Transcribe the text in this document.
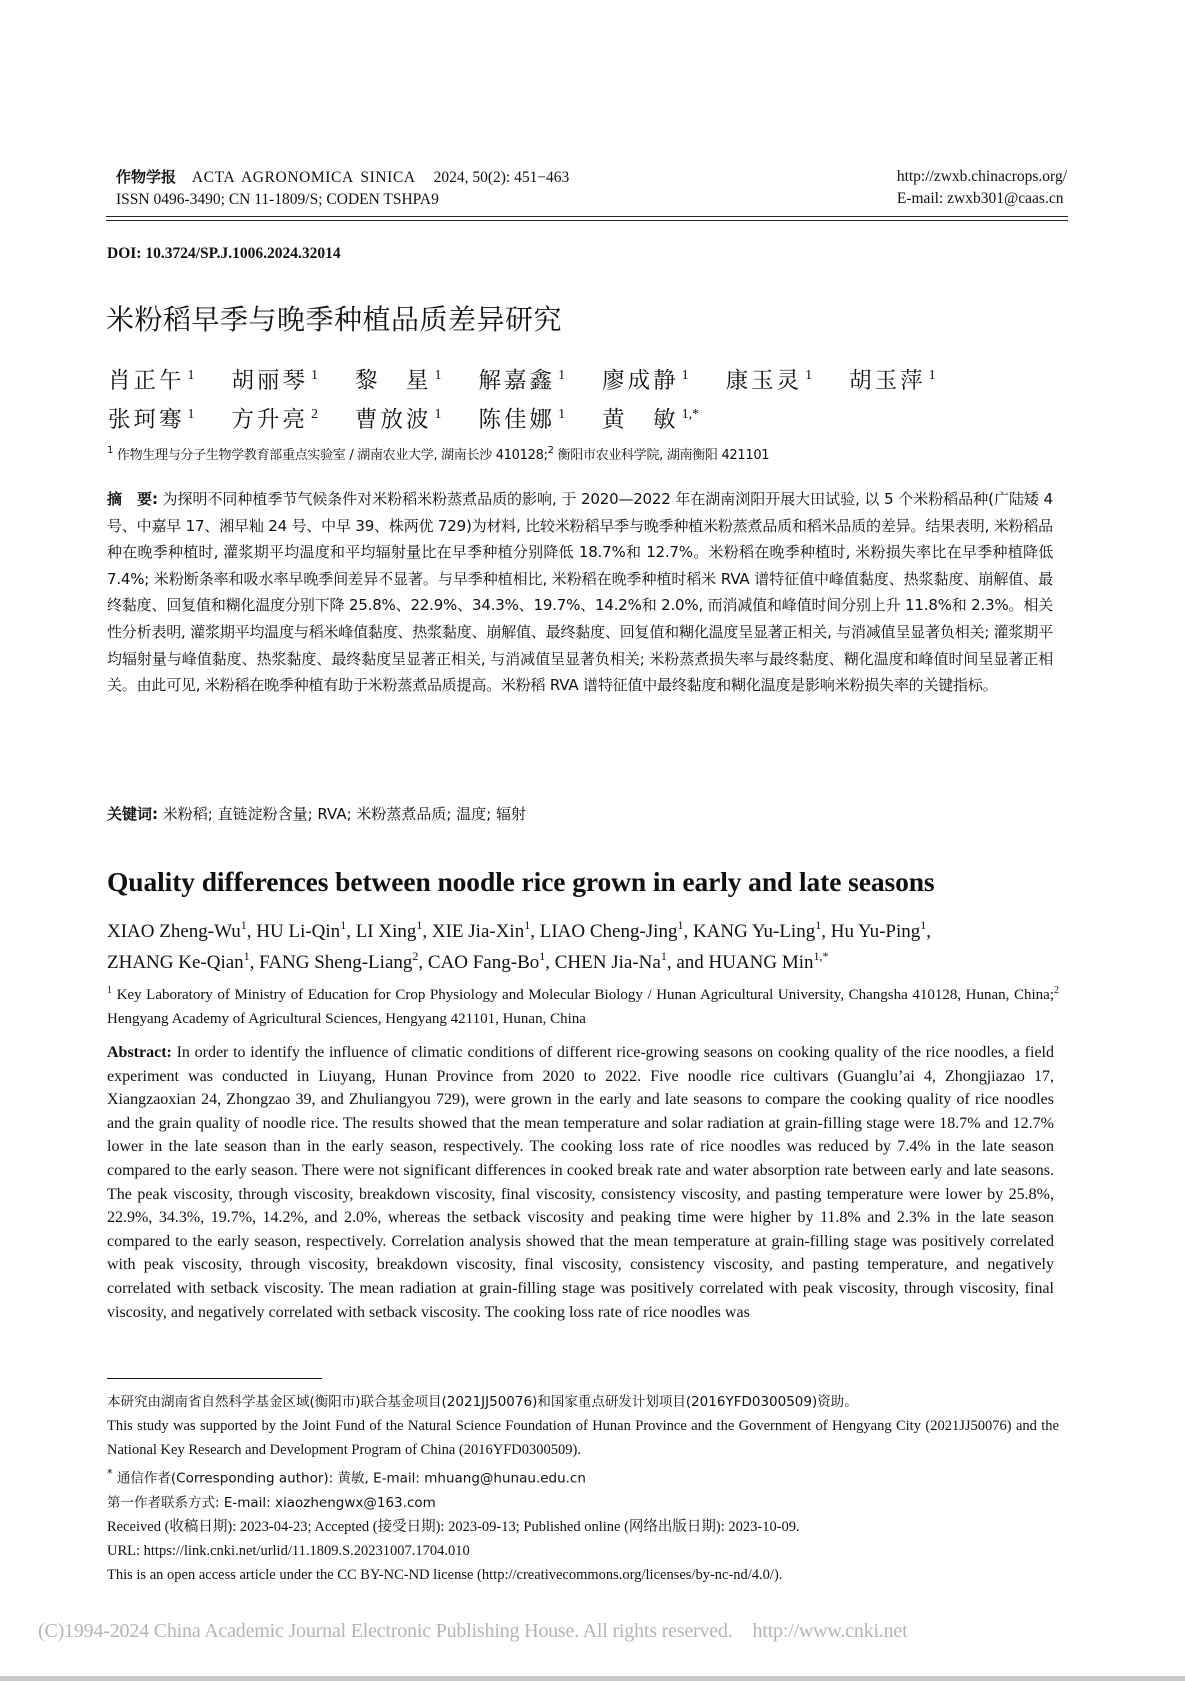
作物学报 ACTA AGRONOMICA SINICA 2024, 50(2): 451−463
ISSN 0496-3490; CN 11-1809/S; CODEN TSHPA9
http://zwxb.chinacrops.org/
E-mail: zwxb301@caas.cn
DOI: 10.3724/SP.J.1006.2024.32014
米粉稻早季与晚季种植品质差异研究
肖正午 $^1$ 胡丽琴 $^1$ 黎　星 $^1$ 解嘉鑫 $^1$ 廖成静 $^1$ 康玉灵 $^1$ 胡玉萍 $^1$
张珂骞 $^1$ 方升亮 $^2$ 曹放波 $^1$ 陈佳娜 $^1$ 黄　敏 $^{1,*}$
$^1$ 作物生理与分子生物学教育部重点实验室 / 湖南农业大学, 湖南长沙 410128;$^2$ 衡阳市农业科学院, 湖南衡阳 421101
摘　要: 为探明不同种植季节气候条件对米粉稻米粉蒸煮品质的影响, 于 2020—2022 年在湖南浏阳开展大田试验, 以 5 个米粉稻品种(广陆矮 4 号、中嘉早 17、湘早籼 24 号、中早 39、株两优 729)为材料, 比较米粉稻早季与晚季种植米粉蒸煮品质和稻米品质的差异。结果表明, 米粉稻品种在晚季种植时, 灌浆期平均温度和平均辐射量比在早季种植分别降低 18.7%和 12.7%。米粉稻在晚季种植时, 米粉损失率比在早季种植降低 7.4%; 米粉断条率和吸水率早晚季间差异不显著。与早季种植相比, 米粉稻在晚季种植时稻米 RVA 谱特征值中峰值黏度、热浆黏度、崩解值、最终黏度、回复值和糊化温度分别下降 25.8%、22.9%、34.3%、19.7%、14.2%和 2.0%, 而消减值和峰值时间分别上升 11.8%和 2.3%。相关性分析表明, 灌浆期平均温度与稻米峰值黏度、热浆黏度、崩解值、最终黏度、回复值和糊化温度呈显著正相关, 与消减值呈显著负相关; 灌浆期平均辐射量与峰值黏度、热浆黏度、最终黏度呈显著正相关, 与消减值呈显著负相关; 米粉蒸煮损失率与最终黏度、糊化温度和峰值时间呈显著正相关。由此可见, 米粉稻在晚季种植有助于米粉蒸煮品质提高。米粉稻 RVA 谱特征值中最终黏度和糊化温度是影响米粉损失率的关键指标。
关键词: 米粉稻; 直链淀粉含量; RVA; 米粉蒸煮品质; 温度; 辐射
Quality differences between noodle rice grown in early and late seasons
XIAO Zheng-Wu$^1$, HU Li-Qin$^1$, LI Xing$^1$, XIE Jia-Xin$^1$, LIAO Cheng-Jing$^1$, KANG Yu-Ling$^1$, Hu Yu-Ping$^1$,
ZHANG Ke-Qian$^1$, FANG Sheng-Liang$^2$, CAO Fang-Bo$^1$, CHEN Jia-Na$^1$, and HUANG Min$^{1,*}$
$^1$ Key Laboratory of Ministry of Education for Crop Physiology and Molecular Biology / Hunan Agricultural University, Changsha 410128, Hunan, China;$^2$ Hengyang Academy of Agricultural Sciences, Hengyang 421101, Hunan, China
Abstract: In order to identify the influence of climatic conditions of different rice-growing seasons on cooking quality of the rice noodles, a field experiment was conducted in Liuyang, Hunan Province from 2020 to 2022. Five noodle rice cultivars (Guanglu’ai 4, Zhongjiazao 17, Xiangzaoxian 24, Zhongzao 39, and Zhuliangyou 729), were grown in the early and late seasons to compare the cooking quality of rice noodles and the grain quality of noodle rice. The results showed that the mean temperature and solar radiation at grain-filling stage were 18.7% and 12.7% lower in the late season than in the early season, respectively. The cooking loss rate of rice noodles was reduced by 7.4% in the late season compared to the early season. There were not significant differences in cooked break rate and water absorption rate between early and late seasons. The peak viscosity, through viscosity, breakdown viscosity, final viscosity, consistency viscosity, and pasting temperature were lower by 25.8%, 22.9%, 34.3%, 19.7%, 14.2%, and 2.0%, whereas the setback viscosity and peaking time were higher by 11.8% and 2.3% in the late season compared to the early season, respectively. Correlation analysis showed that the mean temperature at grain-filling stage was positively correlated with peak viscosity, through viscosity, breakdown viscosity, final viscosity, consistency viscosity, and pasting temperature, and negatively correlated with setback viscosity. The mean radiation at grain-filling stage was positively correlated with peak viscosity, through viscosity, final viscosity, and negatively correlated with setback viscosity. The cooking loss rate of rice noodles was

本研究由湖南省自然科学基金区域(衡阳市)联合基金项目(2021JJ50076)和国家重点研发计划项目(2016YFD0300509)资助。

This study was supported by the Joint Fund of the Natural Science Foundation of Hunan Province and the Government of Hengyang City (2021JJ50076) and the National Key Research and Development Program of China (2016YFD0300509).

* 通信作者(Corresponding author): 黄敏, E-mail: mhuang@hunau.edu.cn

第一作者联系方式: E-mail: xiaozhengwx@163.com

Received (收稿日期): 2023-04-23; Accepted (接受日期): 2023-09-13; Published online (网络出版日期): 2023-10-09.

URL: https://link.cnki.net/urlid/11.1809.S.20231007.1704.010

This is an open access article under the CC BY-NC-ND license (http://creativecommons.org/licenses/by-nc-nd/4.0/).

(C)1994-2024 China Academic Journal Electronic Publishing House. All rights reserved. http://www.cnki.net
